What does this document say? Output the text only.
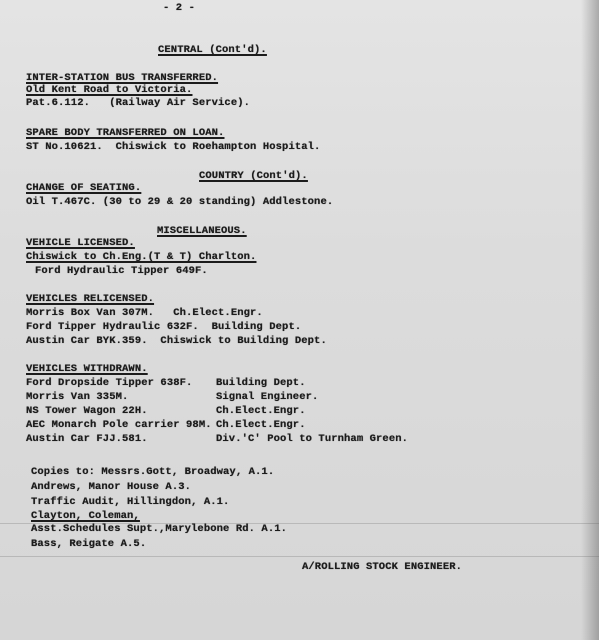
- 2 -
CENTRAL (Cont'd).
INTER-STATION BUS TRANSFERRED.
Old Kent Road to Victoria.
Pat.6.112.   (Railway Air Service).
SPARE BODY TRANSFERRED ON LOAN.
ST No.10621.  Chiswick to Roehampton Hospital.
COUNTRY (Cont'd).
CHANGE OF SEATING.
Oil T.467C. (30 to 29 & 20 standing) Addlestone.
MISCELLANEOUS.
VEHICLE LICENSED.
Chiswick to Ch.Eng.(T & T) Charlton.
Ford Hydraulic Tipper 649F.
VEHICLES RELICENSED.
Morris Box Van 307M.   Ch.Elect.Engr.
Ford Tipper Hydraulic 632F.  Building Dept.
Austin Car BYK.359.  Chiswick to Building Dept.
VEHICLES WITHDRAWN.
Ford Dropside Tipper 638F. Building Dept.
Morris Van 335M.	Signal Engineer.
NS Tower Wagon 22H.	Ch.Elect.Engr.
AEC Monarch Pole carrier 98M. Ch.Elect.Engr.
Austin Car FJJ.581.	Div.'C' Pool to Turnham Green.
Copies to: Messrs.Gott, Broadway, A.1.
Andrews, Manor House A.3.
Traffic Audit, Hillingdon, A.1.
Clayton, Coleman,
Asst.Schedules Supt.,Marylebone Rd. A.1.
Bass, Reigate A.5.
A/ROLLING STOCK ENGINEER.
